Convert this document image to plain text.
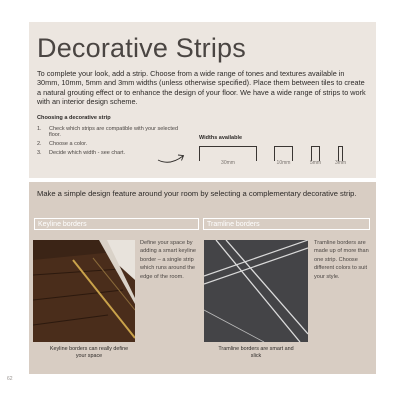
Decorative Strips
To complete your look, add a strip. Choose from a wide range of tones and textures available in 30mm, 10mm, 5mm and 3mm widths (unless otherwise specified). Place them between tiles to create a natural grouting effect or to enhance the design of your floor. We have a wide range of strips to work with an interior design scheme.
Choosing a decorative strip
1. Check which strips are compatible with your selected floor.
2. Choose a color.
3. Decide which width - see chart.
Widths available
30mm	10mm	5mm	3mm
Make a simple design feature around your room by selecting a complementary decorative strip.
Keyline borders	Tramline borders
Define your space by adding a smart keyline border – a single strip which runs around the edge of the room.
Keyline borders can really define your space
Tramline borders are made up of more than one strip. Choose different colors to suit your style.
Tramline borders are smart and slick
62
